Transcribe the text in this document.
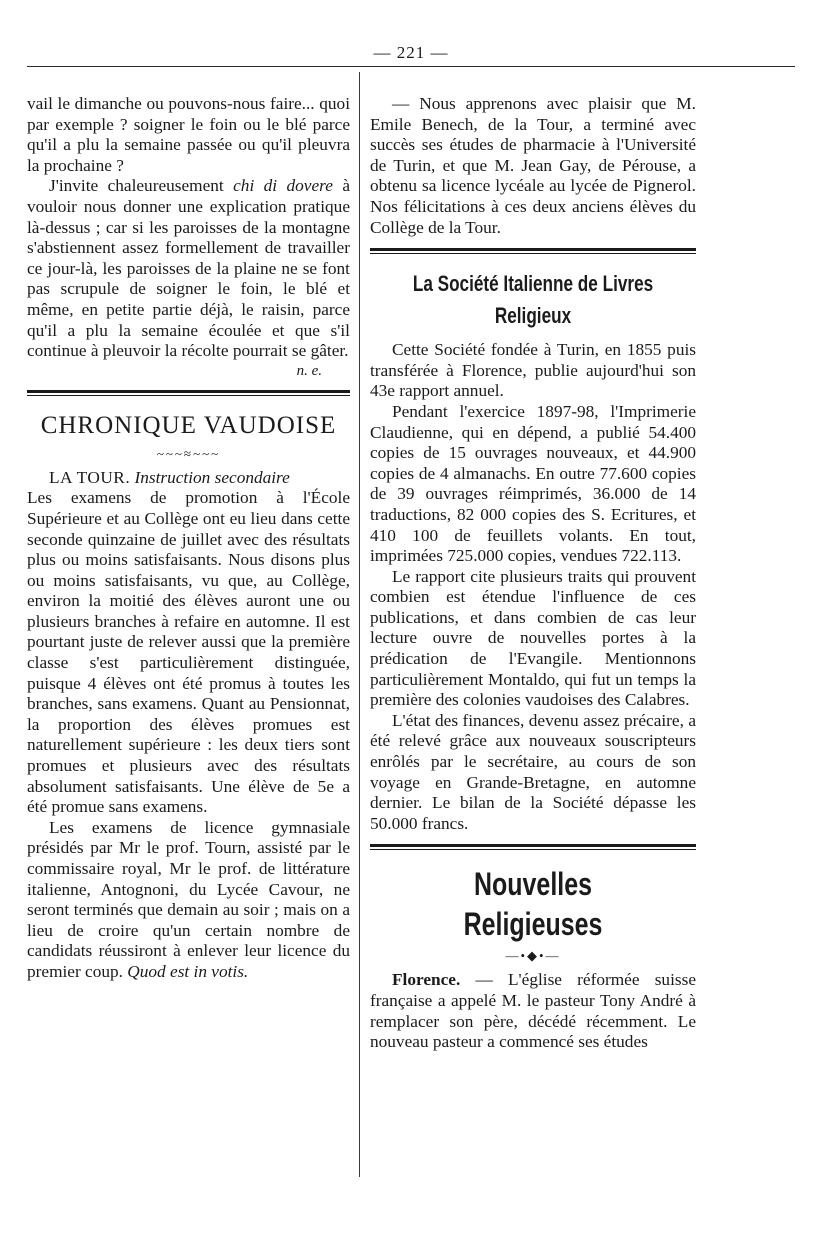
— 221 —

vail le dimanche ou pouvons-nous faire... quoi par exemple ? soigner le foin ou le blé parce qu'il a plu la semaine passée ou qu'il pleuvra la prochaine ?

J'invite chaleureusement chi di dovere à vouloir nous donner une explication pratique là-dessus ; car si les paroisses de la montagne s'abstiennent assez formellement de travailler ce jour-là, les paroisses de la plaine ne se font pas scrupule de soigner le foin, le blé et même, en petite partie déjà, le raisin, parce qu'il a plu la semaine écoulée et que s'il continue à pleuvoir la récolte pourrait se gâter.

n. e.

CHRONIQUE VAUDOISE
~~~≈~~~

LA TOUR. Instruction secondaire
Les examens de promotion à l'École Supérieure et au Collège ont eu lieu dans cette seconde quinzaine de juillet avec des résultats plus ou moins satisfaisants. Nous disons plus ou moins satisfaisants, vu que, au Collège, environ la moitié des élèves auront une ou plusieurs branches à refaire en automne. Il est pourtant juste de relever aussi que la première classe s'est particulièrement distinguée, puisque 4 élèves ont été promus à toutes les branches, sans examens. Quant au Pensionnat, la proportion des élèves promues est naturellement supérieure : les deux tiers sont promues et plusieurs avec des résultats absolument satisfaisants. Une élève de 5e a été promue sans examens.

Les examens de licence gymnasiale présidés par Mr le prof. Tourn, assisté par le commissaire royal, Mr le prof. de littérature italienne, Antognoni, du Lycée Cavour, ne seront terminés que demain au soir ; mais on a lieu de croire qu'un certain nombre de candidats réussiront à enlever leur licence du premier coup. Quod est in votis.

— Nous apprenons avec plaisir que M. Emile Benech, de la Tour, a terminé avec succès ses études de pharmacie à l'Université de Turin, et que M. Jean Gay, de Pérouse, a obtenu sa licence lycéale au lycée de Pignerol. Nos félicitations à ces deux anciens élèves du Collège de la Tour.

La Société Italienne de Livres Religieux

Cette Société fondée à Turin, en 1855 puis transférée à Florence, publie aujourd'hui son 43e rapport annuel.

Pendant l'exercice 1897-98, l'Imprimerie Claudienne, qui en dépend, a publié 54.400 copies de 15 ouvrages nouveaux, et 44.900 copies de 4 almanachs. En outre 77.600 copies de 39 ouvrages réimprimés, 36.000 de 14 traductions, 82 000 copies des S. Ecritures, et 410 100 de feuillets volants. En tout, imprimées 725.000 copies, vendues 722.113.

Le rapport cite plusieurs traits qui prouvent combien est étendue l'influence de ces publications, et dans combien de cas leur lecture ouvre de nouvelles portes à la prédication de l'Evangile. Mentionnons particulièrement Montaldo, qui fut un temps la première des colonies vaudoises des Calabres.

L'état des finances, devenu assez précaire, a été relevé grâce aux nouveaux souscripteurs enrôlés par le secrétaire, au cours de son voyage en Grande-Bretagne, en automne dernier. Le bilan de la Société dépasse les 50.000 francs.

Nouvelles Religieuses
—•◆•—

Florence. — L'église réformée suisse française a appelé M. le pasteur Tony André à remplacer son père, décédé récemment. Le nouveau pasteur a commencé ses études
